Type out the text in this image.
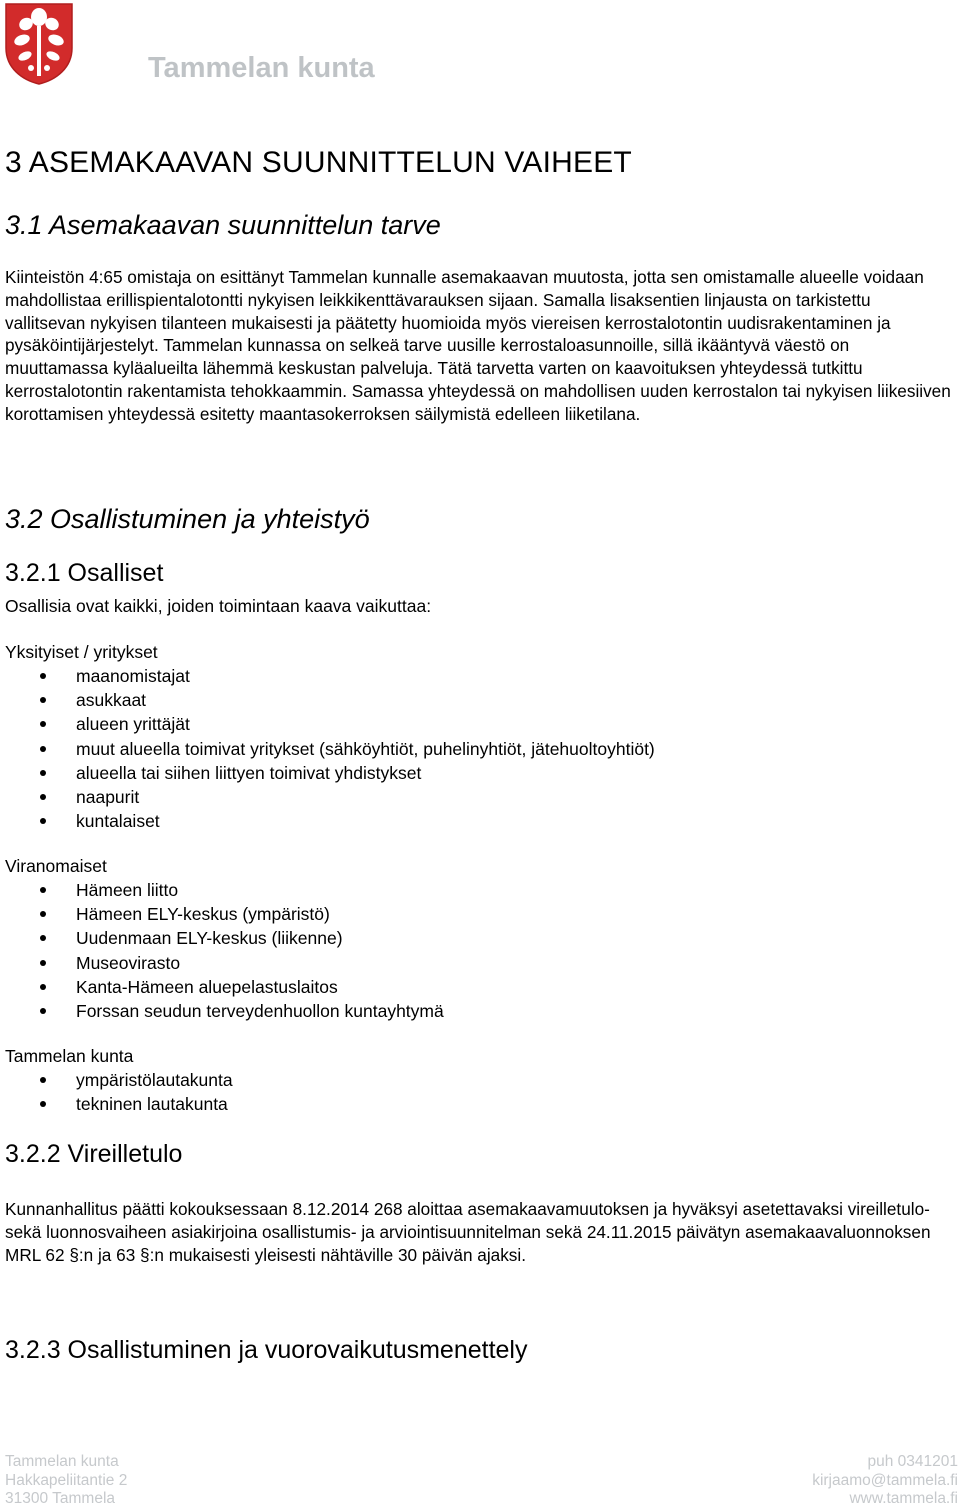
Tammelan kunta
3 ASEMAKAAVAN SUUNNITTELUN VAIHEET
3.1 Asemakaavan suunnittelun tarve
Kiinteistön 4:65 omistaja on esittänyt Tammelan kunnalle asemakaavan muutosta, jotta sen omistamalle alueelle voidaan mahdollistaa erillispientalotontti nykyisen leikkikenttävarauksen sijaan. Samalla lisaksentien linjausta on tarkistettu vallitsevan nykyisen tilanteen mukaisesti ja päätetty huomioida myös viereisen kerrostalotontin uudisrakentaminen ja pysäköintijärjestelyt. Tammelan kunnassa on selkeä tarve uusille kerrostaloasunnoille, sillä ikääntyvä väestö on muuttamassa kyläalueilta lähemmä keskustan palveluja. Tätä tarvetta varten on kaavoituksen yhteydessä tutkittu kerrostalotontin rakentamista tehokkaammin. Samassa yhteydessä on mahdollisen uuden kerrostalon tai nykyisen liikesiiven korottamisen yhteydessä esitetty maantasokerroksen säilymistä edelleen liiketilana.
3.2 Osallistuminen ja yhteistyö
3.2.1 Osalliset
Osallisia ovat kaikki, joiden toimintaan kaava vaikuttaa:
Yksityiset / yritykset
maanomistajat
asukkaat
alueen yrittäjät
muut alueella toimivat yritykset (sähköyhtiöt, puhelinyhtiöt, jätehuoltoyhtiöt)
alueella tai siihen liittyen toimivat yhdistykset
naapurit
kuntalaiset
Viranomaiset
Hämeen liitto
Hämeen ELY-keskus (ympäristö)
Uudenmaan ELY-keskus (liikenne)
Museovirasto
Kanta-Hämeen aluepelastuslaitos
Forssan seudun terveydenhuollon kuntayhtymä
Tammelan kunta
ympäristölautakunta
tekninen lautakunta
3.2.2 Vireilletulo
Kunnanhallitus päätti kokouksessaan 8.12.2014 268 aloittaa asemakaavamuutoksen ja hyväksyi asetettavaksi vireilletulo- sekä luonnosvaiheen asiakirjoina osallistumis- ja arviointisuunnitelman sekä 24.11.2015 päivätyn asemakaavaluonnoksen MRL 62 §:n ja 63 §:n mukaisesti yleisesti nähtäville 30 päivän ajaksi.
3.2.3 Osallistuminen ja vuorovaikutusmenettely
Tammelan kunta
Hakkapeliitantie 2
31300 Tammela
puh 0341201
kirjaamo@tammela.fi
www.tammela.fi
